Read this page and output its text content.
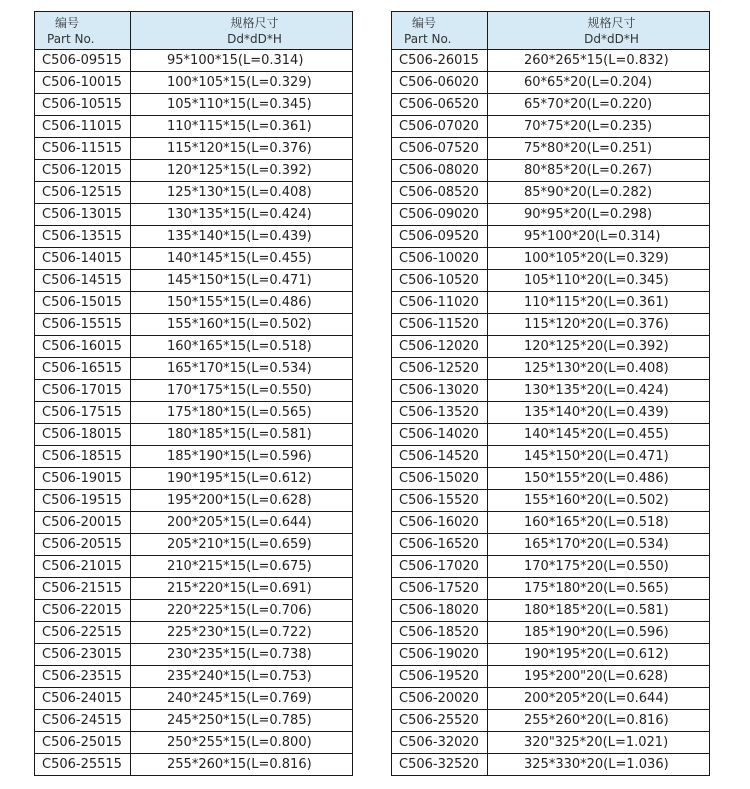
编号
Part No.	规格尺寸
Dd*dD*H
C506-09515	95*100*15(L=0.314)
C506-10015	100*105*15(L=0.329)
C506-10515	105*110*15(L=0.345)
C506-11015	110*115*15(L=0.361)
C506-11515	115*120*15(L=0.376)
C506-12015	120*125*15(L=0.392)
C506-12515	125*130*15(L=0.408)
C506-13015	130*135*15(L=0.424)
C506-13515	135*140*15(L=0.439)
C506-14015	140*145*15(L=0.455)
C506-14515	145*150*15(L=0.471)
C506-15015	150*155*15(L=0.486)
C506-15515	155*160*15(L=0.502)
C506-16015	160*165*15(L=0.518)
C506-16515	165*170*15(L=0.534)
C506-17015	170*175*15(L=0.550)
C506-17515	175*180*15(L=0.565)
C506-18015	180*185*15(L=0.581)
C506-18515	185*190*15(L=0.596)
C506-19015	190*195*15(L=0.612)
C506-19515	195*200*15(L=0.628)
C506-20015	200*205*15(L=0.644)
C506-20515	205*210*15(L=0.659)
C506-21015	210*215*15(L=0.675)
C506-21515	215*220*15(L=0.691)
C506-22015	220*225*15(L=0.706)
C506-22515	225*230*15(L=0.722)
C506-23015	230*235*15(L=0.738)
C506-23515	235*240*15(L=0.753)
C506-24015	240*245*15(L=0.769)
C506-24515	245*250*15(L=0.785)
C506-25015	250*255*15(L=0.800)
C506-25515	255*260*15(L=0.816)
编号
Part No.	规格尺寸
Dd*dD*H
C506-26015	260*265*15(L=0.832)
C506-06020	60*65*20(L=0.204)
C506-06520	65*70*20(L=0.220)
C506-07020	70*75*20(L=0.235)
C506-07520	75*80*20(L=0.251)
C506-08020	80*85*20(L=0.267)
C506-08520	85*90*20(L=0.282)
C506-09020	90*95*20(L=0.298)
C506-09520	95*100*20(L=0.314)
C506-10020	100*105*20(L=0.329)
C506-10520	105*110*20(L=0.345)
C506-11020	110*115*20(L=0.361)
C506-11520	115*120*20(L=0.376)
C506-12020	120*125*20(L=0.392)
C506-12520	125*130*20(L=0.408)
C506-13020	130*135*20(L=0.424)
C506-13520	135*140*20(L=0.439)
C506-14020	140*145*20(L=0.455)
C506-14520	145*150*20(L=0.471)
C506-15020	150*155*20(L=0.486)
C506-15520	155*160*20(L=0.502)
C506-16020	160*165*20(L=0.518)
C506-16520	165*170*20(L=0.534)
C506-17020	170*175*20(L=0.550)
C506-17520	175*180*20(L=0.565)
C506-18020	180*185*20(L=0.581)
C506-18520	185*190*20(L=0.596)
C506-19020	190*195*20(L=0.612)
C506-19520	195*200"20(L=0.628)
C506-20020	200*205*20(L=0.644)
C506-25520	255*260*20(L=0.816)
C506-32020	320"325*20(L=1.021)
C506-32520	325*330*20(L=1.036)
